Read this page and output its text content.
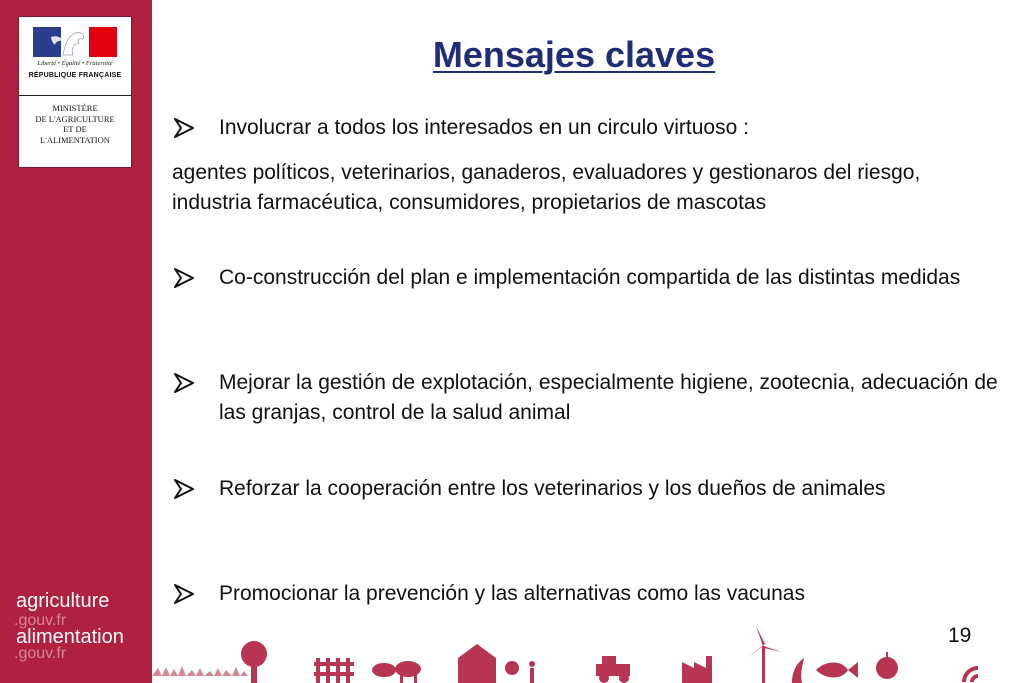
Liberté • Égalité • Fraternité
RÉPUBLIQUE FRANÇAISE
MINISTÈRE
DE L'AGRICULTURE
ET DE
L'ALIMENTATION
agriculture
.gouv.fr
alimentation
.gouv.fr
Mensajes claves
Involucrar a todos los interesados en un circulo virtuoso :
agentes políticos, veterinarios, ganaderos, evaluadores y gestionaros del riesgo, industria farmacéutica, consumidores, propietarios de mascotas
Co-construcción del plan e implementación compartida de las distintas medidas
Mejorar la gestión de explotación, especialmente higiene, zootecnia, adecuación de las granjas, control de la salud animal
Reforzar la cooperación entre los veterinarios y los dueños de animales
Promocionar la prevención y las alternativas como las vacunas
19
